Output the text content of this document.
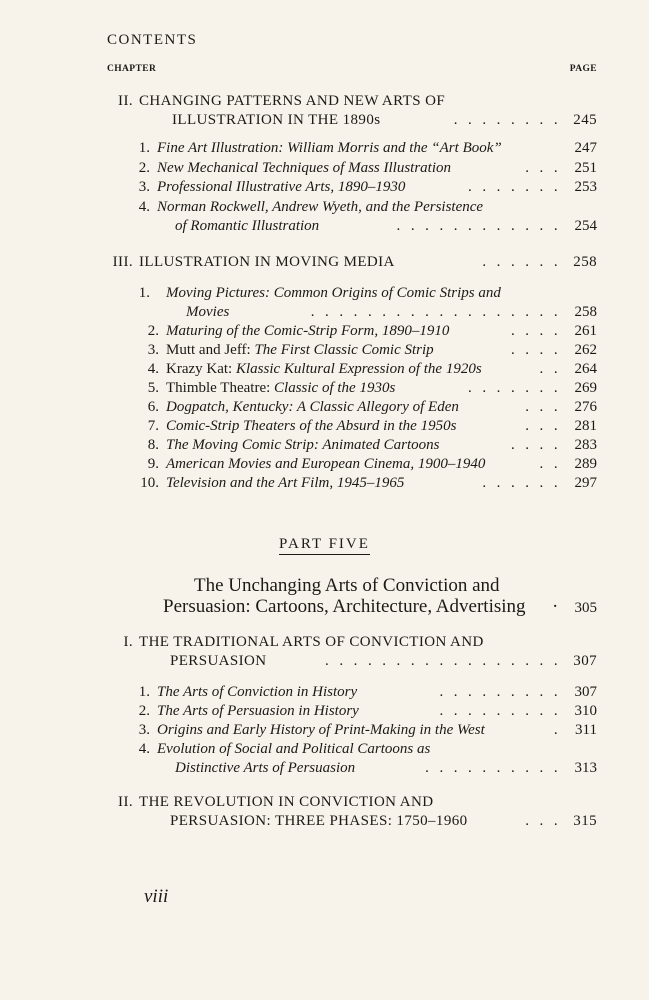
CONTENTS
CHAPTER	PAGE
II. CHANGING PATTERNS AND NEW ARTS OF
ILLUSTRATION IN THE 1890s	. . . . . . . . 245
1. Fine Art Illustration: William Morris and the “Art Book”	247
2. New Mechanical Techniques of Mass Illustration	. . . 251
3. Professional Illustrative Arts, 1890–1930	. . . . . . . 253
4. Norman Rockwell, Andrew Wyeth, and the Persistence
of Romantic Illustration	. . . . . . . . . . . . 254
III. ILLUSTRATION IN MOVING MEDIA	. . . . . . 258
1. Moving Pictures: Common Origins of Comic Strips and
Movies	. . . . . . . . . . . . . . . . . . 258
2. Maturing of the Comic-Strip Form, 1890–1910	. . . . 261
3. Mutt and Jeff: The First Classic Comic Strip	. . . . 262
4. Krazy Kat: Klassic Kultural Expression of the 1920s	. . 264
5. Thimble Theatre: Classic of the 1930s	. . . . . . . 269
6. Dogpatch, Kentucky: A Classic Allegory of Eden	. . . 276
7. Comic-Strip Theaters of the Absurd in the 1950s	. . . 281
8. The Moving Comic Strip: Animated Cartoons	. . . . 283
9. American Movies and European Cinema, 1900–1940	. . 289
10. Television and the Art Film, 1945–1965	. . . . . . 297
PART FIVE
The Unchanging Arts of Conviction and
Persuasion: Cartoons, Architecture, Advertising · 305
I. THE TRADITIONAL ARTS OF CONVICTION AND
PERSUASION	. . . . . . . . . . . . . . . . . 307
1. The Arts of Conviction in History	. . . . . . . . . 307
2. The Arts of Persuasion in History	. . . . . . . . . 310
3. Origins and Early History of Print-Making in the West	. 311
4. Evolution of Social and Political Cartoons as
Distinctive Arts of Persuasion	. . . . . . . . . . 313
II. THE REVOLUTION IN CONVICTION AND
PERSUASION: THREE PHASES: 1750–1960	. . . 315
viii
